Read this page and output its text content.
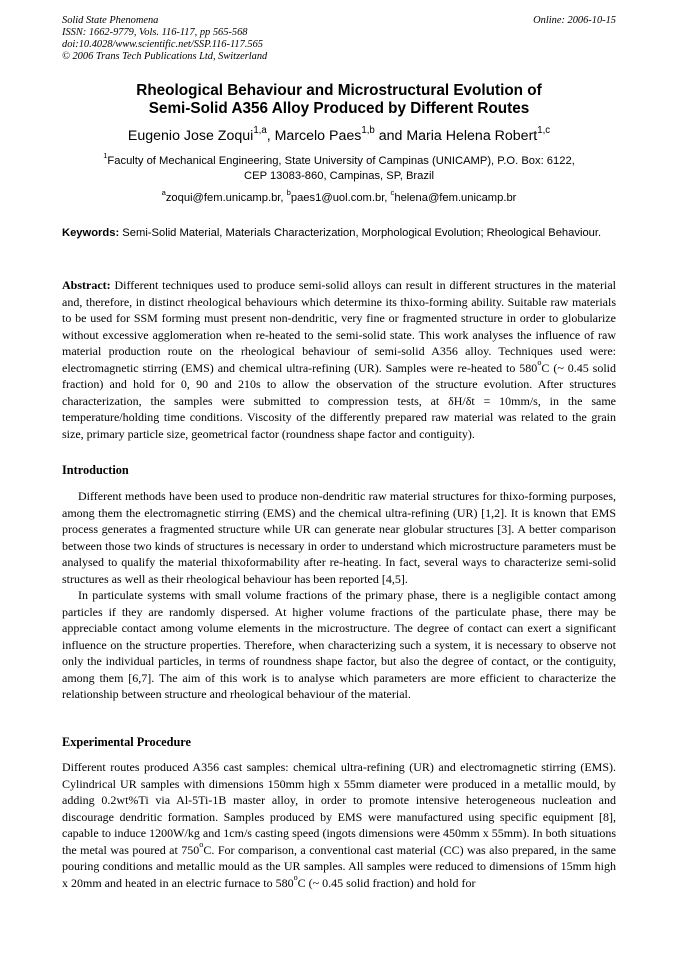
Solid State Phenomena
ISSN: 1662-9779, Vols. 116-117, pp 565-568
doi:10.4028/www.scientific.net/SSP.116-117.565
© 2006 Trans Tech Publications Ltd, Switzerland
Online: 2006-10-15
Rheological Behaviour and Microstructural Evolution of
Semi-Solid A356 Alloy Produced by Different Routes
Eugenio Jose Zoqui$^{1,a}$, Marcelo Paes$^{1,b}$ and Maria Helena Robert$^{1,c}$
$^1$Faculty of Mechanical Engineering, State University of Campinas (UNICAMP), P.O. Box: 6122,
CEP 13083-860, Campinas, SP, Brazil
$^a$zoqui@fem.unicamp.br, $^b$paes1@uol.com.br, $^c$helena@fem.unicamp.br
Keywords: Semi-Solid Material, Materials Characterization, Morphological Evolution; Rheological Behaviour.

Abstract: Different techniques used to produce semi-solid alloys can result in different structures in the material and, therefore, in distinct rheological behaviours which determine its thixo-forming ability. Suitable raw materials to be used for SSM forming must present non-dendritic, very fine or fragmented structure in order to globularize without excessive agglomeration when re-heated to the semi-solid state. This work analyses the influence of raw material production route on the rheological behaviour of semi-solid A356 alloy. Techniques used were: electromagnetic stirring (EMS) and chemical ultra-refining (UR). Samples were re-heated to 580$^o$C (~ 0.45 solid fraction) and hold for 0, 90 and 210s to allow the observation of the structure evolution. After structures characterization, the samples were submitted to compression tests, at δH/δt = 10mm/s, in the same temperature/holding time conditions. Viscosity of the differently prepared raw material was related to the grain size, primary particle size, geometrical factor (roundness shape factor and contiguity).

Introduction

Different methods have been used to produce non-dendritic raw material structures for thixo-forming purposes, among them the electromagnetic stirring (EMS) and the chemical ultra-refining (UR) [1,2]. It is known that EMS process generates a fragmented structure while UR can generate near globular structures [3]. A better comparison between those two kinds of structures is necessary in order to understand which microstructure parameters must be analysed to qualify the material thixoformability after re-heating. In fact, several ways to characterize semi-solid structures as well as their rheological behaviour has been reported [4,5].

In particulate systems with small volume fractions of the primary phase, there is a negligible contact among particles if they are randomly dispersed. At higher volume fractions of the particulate phase, there may be appreciable contact among volume elements in the microstructure. The degree of contact can exert a significant influence on the structure properties. Therefore, when characterizing such a system, it is necessary to observe not only the individual particles, in terms of roundness shape factor, but also the degree of contact, or the contiguity, among them [6,7]. The aim of this work is to analyse which parameters are more efficient to characterize the relationship between structure and rheological behaviour of the material.

Experimental Procedure

Different routes produced A356 cast samples: chemical ultra-refining (UR) and electromagnetic stirring (EMS). Cylindrical UR samples with dimensions 150mm high x 55mm diameter were produced in a metallic mould, by adding 0.2wt%Ti via Al-5Ti-1B master alloy, in order to promote intensive heterogeneous nucleation and discourage dendritic formation. Samples produced by EMS were manufactured using specific equipment [8], capable to induce 1200W/kg and 1cm/s casting speed (ingots dimensions were 450mm x 55mm). In both situations the metal was poured at 750$^o$C. For comparison, a conventional cast material (CC) was also prepared, in the same pouring conditions and metallic mould as the UR samples. All samples were reduced to dimensions of 15mm high x 20mm and heated in an electric furnace to 580$^o$C (~ 0.45 solid fraction) and hold for
